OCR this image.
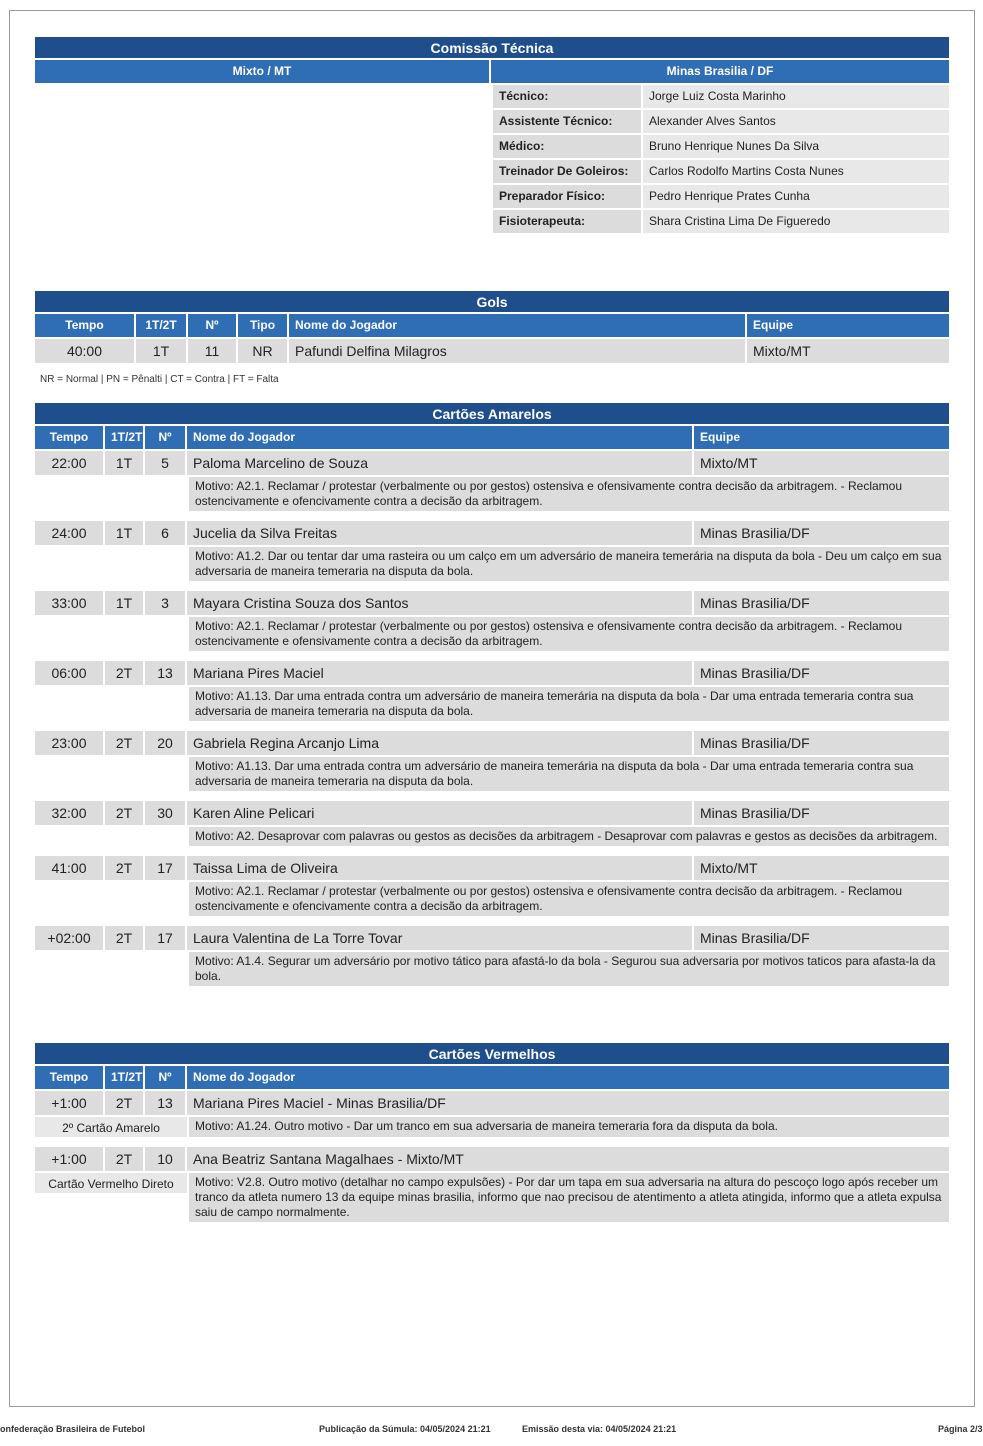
Comissão Técnica
Mixto / MT	Minas Brasilia / DF
Técnico:	Jorge Luiz Costa Marinho
Assistente Técnico:	Alexander Alves Santos
Médico:	Bruno Henrique Nunes Da Silva
Treinador De Goleiros:	Carlos Rodolfo Martins Costa Nunes
Preparador Físico:	Pedro Henrique Prates Cunha
Fisioterapeuta:	Shara Cristina Lima De Figueredo
Gols
Tempo	1T/2T	Nº	Tipo	Nome do Jogador	Equipe
40:00	1T	11	NR	Pafundi Delfina Milagros	Mixto/MT
NR = Normal | PN = Pênalti | CT = Contra | FT = Falta
Cartões Amarelos
Tempo	1T/2T	Nº	Nome do Jogador	Equipe
22:00	1T	5	Paloma Marcelino de Souza	Mixto/MT
Motivo: A2.1. Reclamar / protestar (verbalmente ou por gestos) ostensiva e ofensivamente contra decisão da arbitragem. - Reclamou ostencivamente e ofencivamente contra a decisão da arbitragem.
24:00	1T	6	Jucelia da Silva Freitas	Minas Brasilia/DF
Motivo: A1.2. Dar ou tentar dar uma rasteira ou um calço em um adversário de maneira temerária na disputa da bola - Deu um calço em sua adversaria de maneira temeraria na disputa da bola.
33:00	1T	3	Mayara Cristina Souza dos Santos	Minas Brasilia/DF
Motivo: A2.1. Reclamar / protestar (verbalmente ou por gestos) ostensiva e ofensivamente contra decisão da arbitragem. - Reclamou ostencivamente e ofensivamente contra a decisão da arbitragem.
06:00	2T	13	Mariana Pires Maciel	Minas Brasilia/DF
Motivo: A1.13. Dar uma entrada contra um adversário de maneira temerária na disputa da bola - Dar uma entrada temeraria contra sua adversaria de maneira temeraria na disputa da bola.
23:00	2T	20	Gabriela Regina Arcanjo Lima	Minas Brasilia/DF
Motivo: A1.13. Dar uma entrada contra um adversário de maneira temerária na disputa da bola - Dar uma entrada temeraria contra sua adversaria de maneira temeraria na disputa da bola.
32:00	2T	30	Karen Aline Pelicari	Minas Brasilia/DF
Motivo: A2. Desaprovar com palavras ou gestos as decisões da arbitragem - Desaprovar com palavras e gestos as decisões da arbitragem.
41:00	2T	17	Taissa Lima de Oliveira	Mixto/MT
Motivo: A2.1. Reclamar / protestar (verbalmente ou por gestos) ostensiva e ofensivamente contra decisão da arbitragem. - Reclamou ostencivamente e ofencivamente contra a decisão da arbitragem.
+02:00	2T	17	Laura Valentina de La Torre Tovar	Minas Brasilia/DF
Motivo: A1.4. Segurar um adversário por motivo tático para afastá-lo da bola - Segurou sua adversaria por motivos taticos para afasta-la da bola.
Cartões Vermelhos
Tempo	1T/2T	Nº	Nome do Jogador
+1:00	2T	13	Mariana Pires Maciel - Minas Brasilia/DF
2º Cartão Amarelo	Motivo: A1.24. Outro motivo - Dar um tranco em sua adversaria de maneira temeraria fora da disputa da bola.
+1:00	2T	10	Ana Beatriz Santana Magalhaes - Mixto/MT
Cartão Vermelho Direto	Motivo: V2.8. Outro motivo (detalhar no campo expulsões) - Por dar um tapa em sua adversaria na altura do pescoço logo após receber um tranco da atleta numero 13 da equipe minas brasilia, informo que nao precisou de atentimento a atleta atingida, informo que a atleta expulsa saiu de campo normalmente.
onfederação Brasileira de Futebol	Publicação da Súmula: 04/05/2024 21:21	Emissão desta via: 04/05/2024 21:21	Página 2/3
